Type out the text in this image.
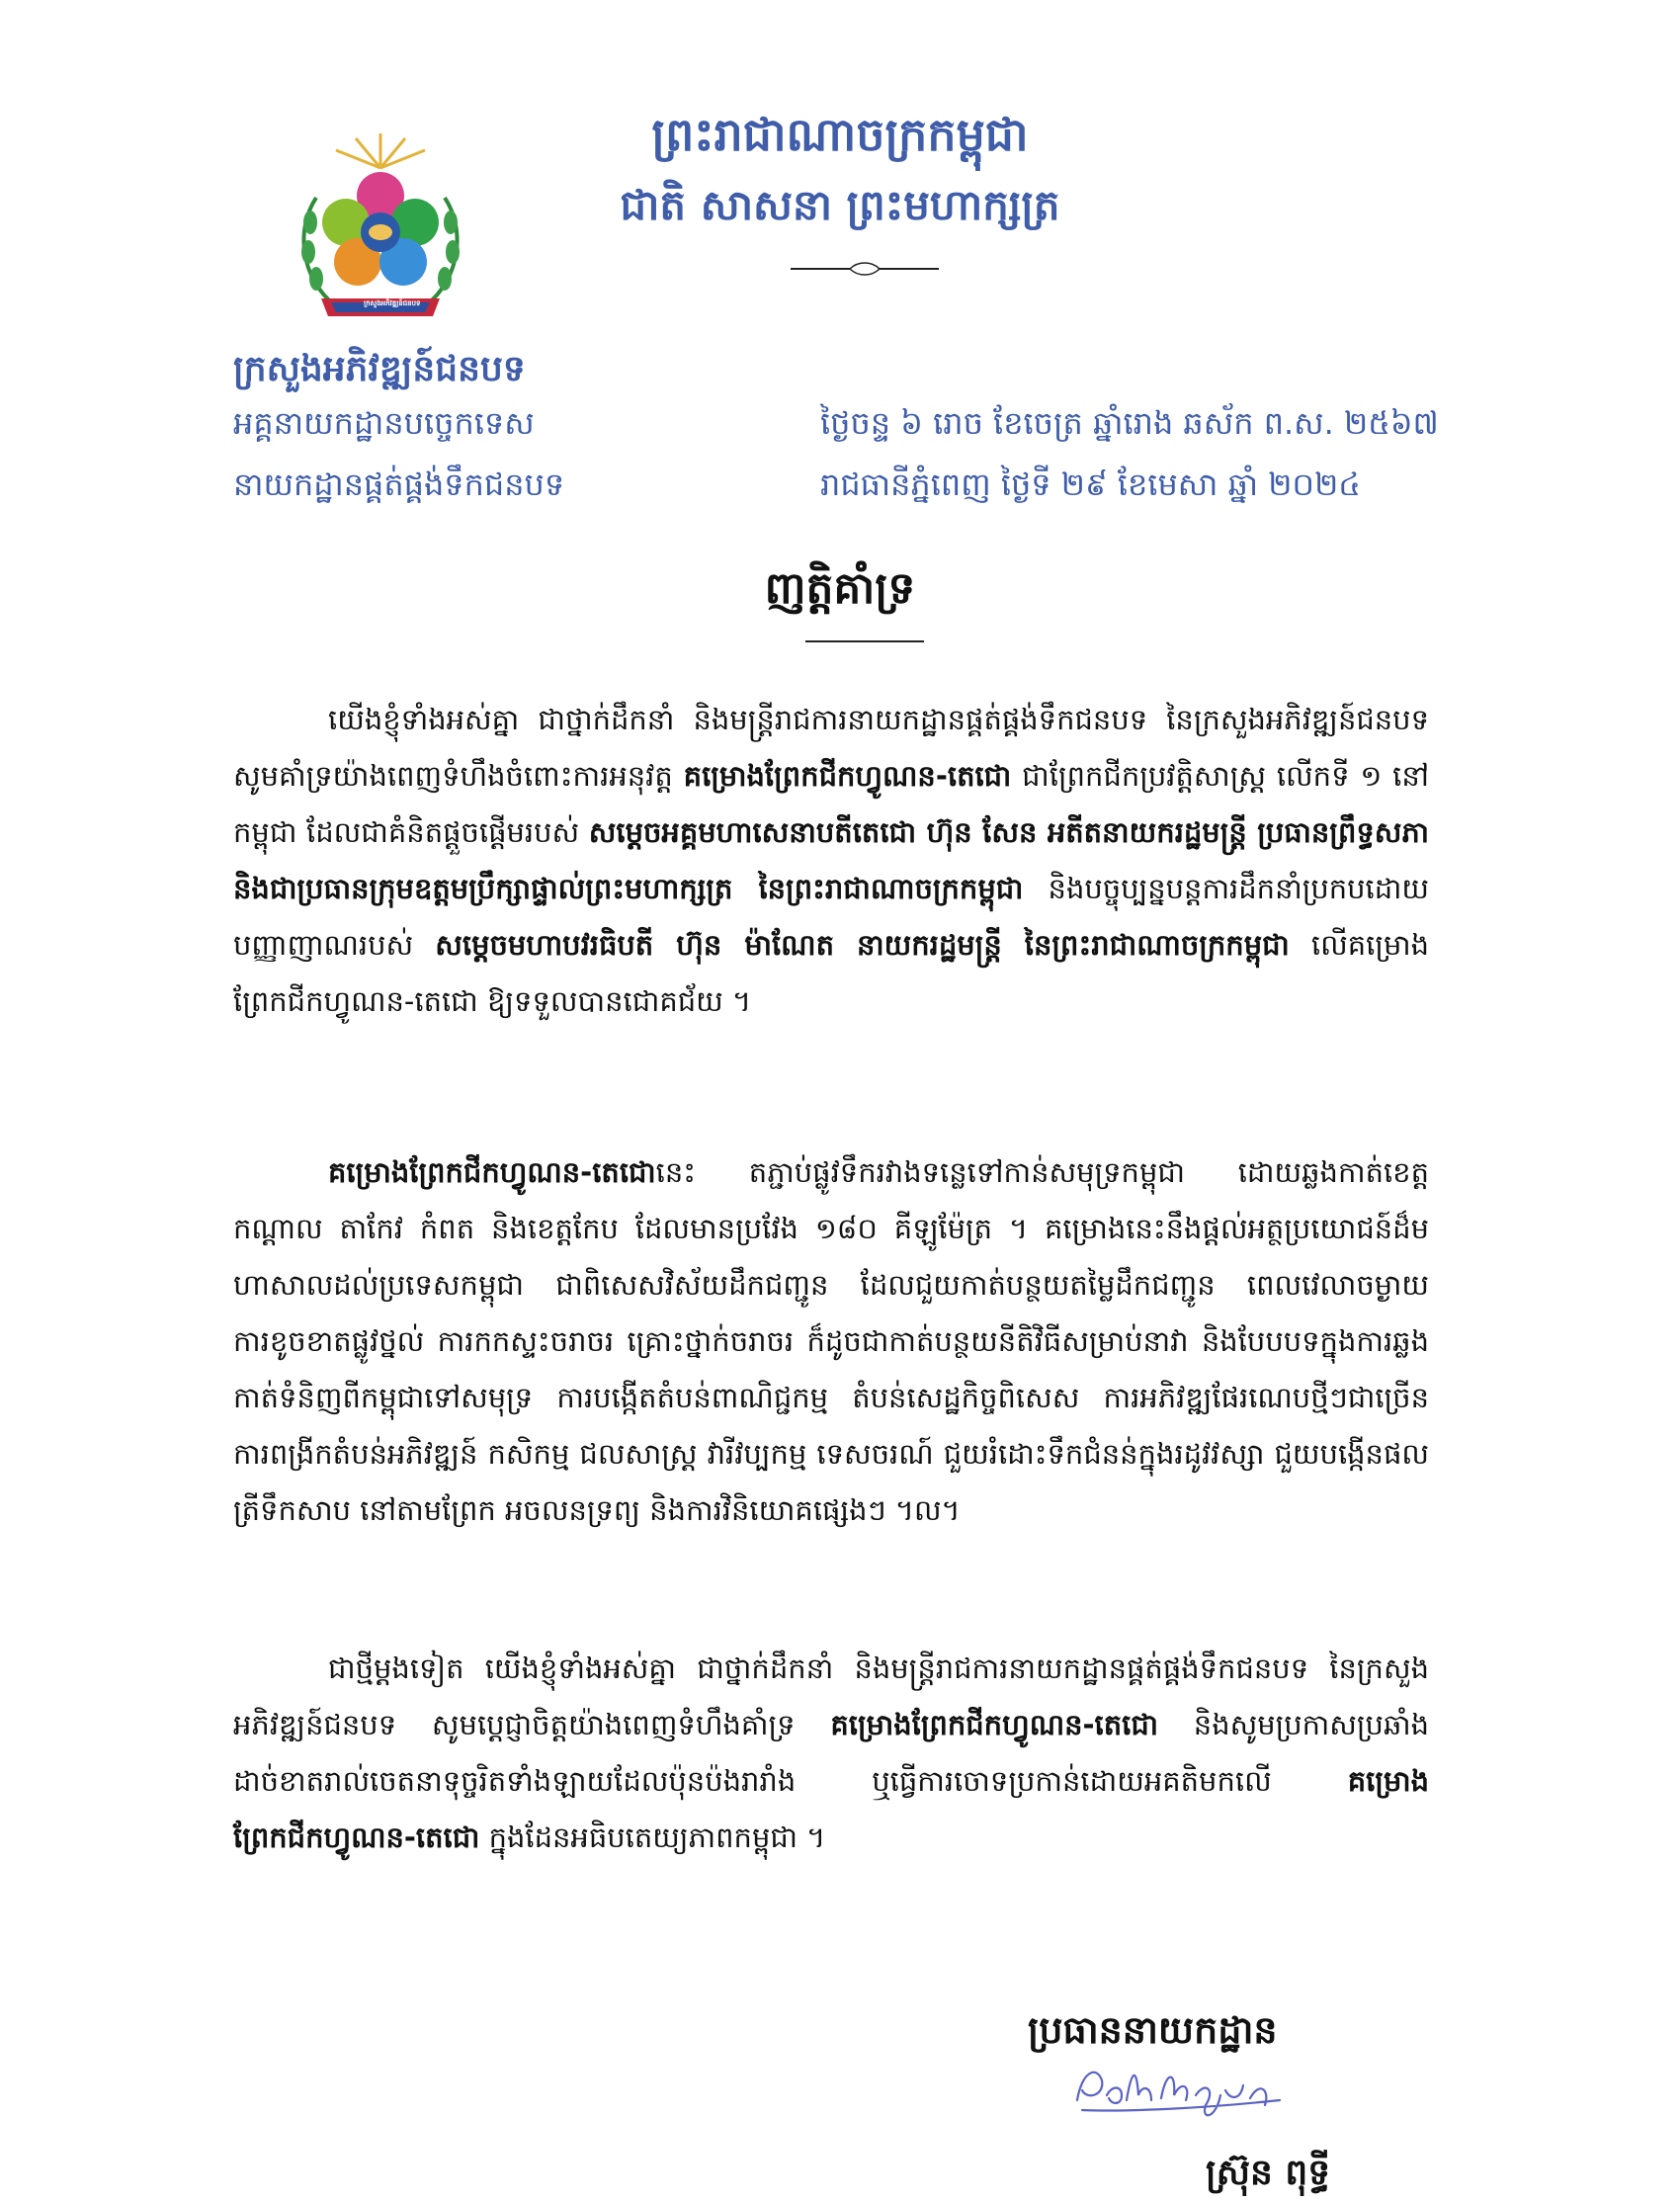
ព្រះរាជាណាចក្រកម្ពុជា
ជាតិ សាសនា ព្រះមហាក្សត្រ
ក្រសួងអភិវឌ្ឍន៍ជនបទ
ក្រសួងអភិវឌ្ឍន៍ជនបទ
អគ្គនាយកដ្ឋានបច្ចេកទេស
នាយកដ្ឋានផ្គត់ផ្គង់ទឹកជនបទ
ថ្ងៃចន្ទ ៦ រោច ខែចេត្រ ឆ្នាំរោង ឆស័ក ព.ស. ២៥៦៧
រាជធានីភ្នំពេញ ថ្ងៃទី ២៩ ខែមេសា ឆ្នាំ ២០២៤
ញត្តិគាំទ្រ

យើងខ្ញុំទាំងអស់គ្នា ជាថ្នាក់ដឹកនាំ និងមន្ត្រីរាជការនាយកដ្ឋានផ្គត់ផ្គង់ទឹកជនបទ នៃក្រសួងអភិវឌ្ឍន៍ជនបទ សូមគាំទ្រយ៉ាងពេញទំហឹងចំពោះការអនុវត្ត គម្រោងព្រែកជីកហ្វូណន-តេជោ ជាព្រែកជីកប្រវត្តិសាស្ត្រ លើកទី ១ នៅកម្ពុជា ដែលជាគំនិតផ្តួចផ្តើមរបស់ សម្តេចអគ្គមហាសេនាបតីតេជោ ហ៊ុន សែន អតីតនាយករដ្ឋមន្ត្រី ប្រធានព្រឹទ្ធសភា និងជាប្រធានក្រុមឧត្តមប្រឹក្សាផ្ទាល់ព្រះមហាក្សត្រ នៃព្រះរាជាណាចក្រកម្ពុជា និងបច្ចុប្បន្នបន្តការដឹកនាំប្រកបដោយបញ្ញាញាណរបស់ សម្តេចមហាបវរធិបតី ហ៊ុន ម៉ាណែត នាយករដ្ឋមន្ត្រី នៃព្រះរាជាណាចក្រកម្ពុជា លើគម្រោងព្រែកជីកហ្វូណន-តេជោ ឱ្យទទួលបានជោគជ័យ ។

គម្រោងព្រែកជីកហ្វូណន-តេជោនេះ តភ្ជាប់ផ្លូវទឹករវាងទន្លេទៅកាន់សមុទ្រកម្ពុជា ដោយឆ្លងកាត់ខេត្តកណ្ដាល តាកែវ កំពត និងខេត្តកែប ដែលមានប្រវែង ១៨០ គីឡូម៉ែត្រ ។ គម្រោងនេះនឹងផ្តល់អត្ថប្រយោជន៍ដ៏មហាសាលដល់ប្រទេសកម្ពុជា ជាពិសេសវិស័យដឹកជញ្ជូន ដែលជួយកាត់បន្ថយតម្លៃដឹកជញ្ជូន ពេលវេលាចម្ងាយ ការខូចខាតផ្លូវថ្នល់ ការកកស្ទះចរាចរ គ្រោះថ្នាក់ចរាចរ ក៏ដូចជាកាត់បន្ថយនីតិវិធីសម្រាប់នាវា និងបែបបទក្នុងការឆ្លងកាត់ទំនិញពីកម្ពុជាទៅសមុទ្រ ការបង្កើតតំបន់ពាណិជ្ជកម្ម តំបន់សេដ្ឋកិច្ចពិសេស ការអភិវឌ្ឍផែរណេបថ្មីៗជាច្រើន ការពង្រីកតំបន់អភិវឌ្ឍន៍ កសិកម្ម ជលសាស្ត្រ វារីវប្បកម្ម ទេសចរណ៍ ជួយរំដោះទឹកជំនន់ក្នុងរដូវវស្សា ជួយបង្កើនផលត្រីទឹកសាប នៅតាមព្រែក អចលនទ្រព្យ និងការវិនិយោគផ្សេងៗ ។ល។

ជាថ្មីម្តងទៀត យើងខ្ញុំទាំងអស់គ្នា ជាថ្នាក់ដឹកនាំ និងមន្ត្រីរាជការនាយកដ្ឋានផ្គត់ផ្គង់ទឹកជនបទ នៃក្រសួងអភិវឌ្ឍន៍ជនបទ សូមប្តេជ្ញាចិត្តយ៉ាងពេញទំហឹងគាំទ្រ គម្រោងព្រែកជីកហ្វូណន-តេជោ និងសូមប្រកាសប្រឆាំងដាច់ខាតរាល់ចេតនាទុច្ចរិតទាំងឡាយដែលប៉ុនប៉ងរារាំង ឬធ្វើការចោទប្រកាន់ដោយអគតិមកលើ គម្រោងព្រែកជីកហ្វូណន-តេជោ ក្នុងដែនអធិបតេយ្យភាពកម្ពុជា ។

ប្រធាននាយកដ្ឋាន
ស្រ៊ុន ពុទ្ធី
